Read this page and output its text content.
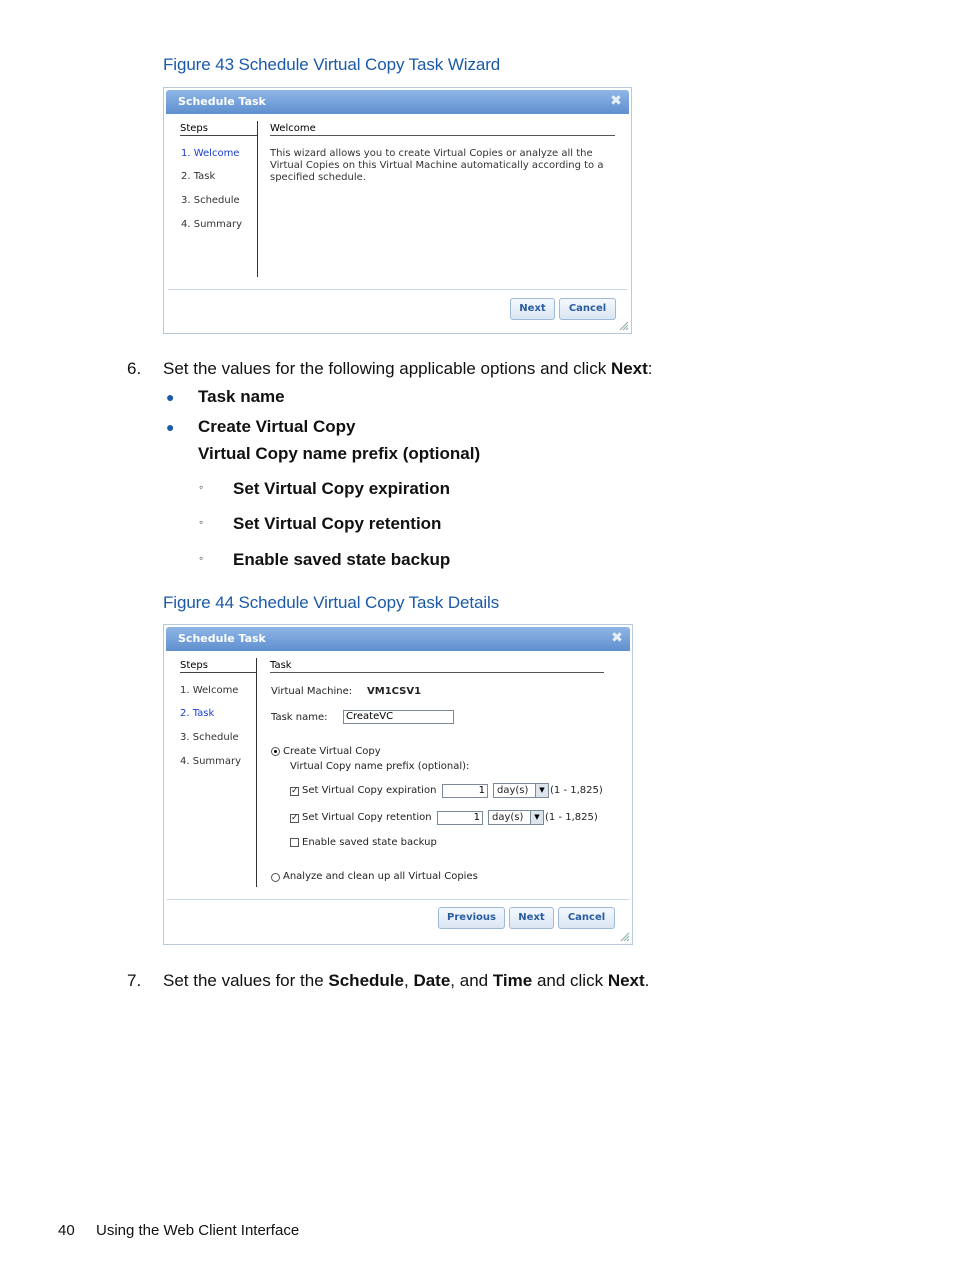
Figure 43 Schedule Virtual Copy Task Wizard
Schedule Task	✖
Steps
1. Welcome
2. Task
3. Schedule
4. Summary
Welcome
This wizard allows you to create Virtual Copies or analyze all the
Virtual Copies on this Virtual Machine automatically according to a
specified schedule.
Next	Cancel
6. Set the values for the following applicable options and click Next:
● Task name
● Create Virtual Copy
Virtual Copy name prefix (optional)
◦ Set Virtual Copy expiration
◦ Set Virtual Copy retention
◦ Enable saved state backup
Figure 44 Schedule Virtual Copy Task Details
Schedule Task	✖
Steps
1. Welcome
2. Task
3. Schedule
4. Summary
Task
Virtual Machine: VM1CSV1
Task name:	CreateVC
Create Virtual Copy
Virtual Copy name prefix (optional):
✓ Set Virtual Copy expiration	1	day(s)	▼ (1 - 1,825)
✓ Set Virtual Copy retention	1	day(s)	▼ (1 - 1,825)
Enable saved state backup
Analyze and clean up all Virtual Copies
Previous	Next	Cancel
7. Set the values for the Schedule, Date, and Time and click Next.
40 Using the Web Client Interface
